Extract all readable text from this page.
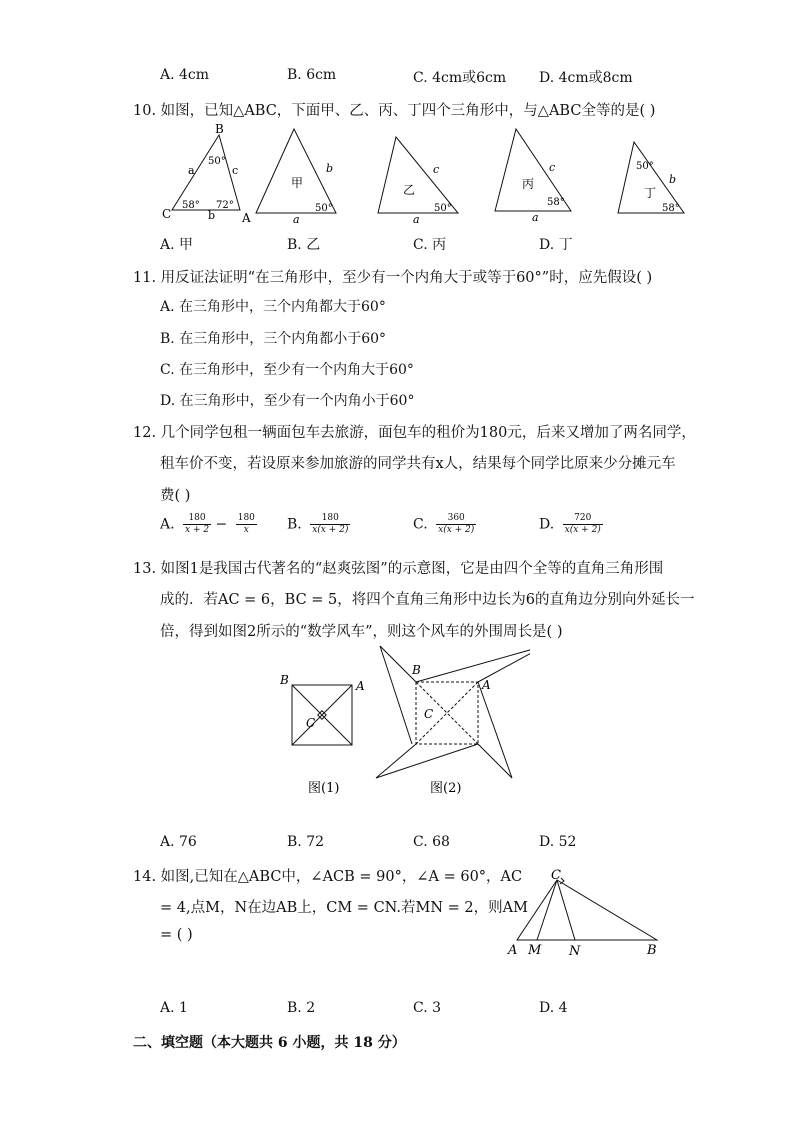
A. 4cm	B. 6cm	C. 4cm或6cm D. 4cm或8cm
10. 如图，已知△ABC，下面甲、乙、丙、丁四个三角形中，与△ABC全等的是( )
B
C	A
a	c
b
50°
58° 72°
甲
b
a
50°
乙
c
a
50°
丙
c
a
58°
丁
b
50°
58°
A. 甲	B. 乙	C. 丙	D. 丁
11. 用反证法证明“在三角形中，至少有一个内角大于或等于60°”时，应先假设( )
A. 在三角形中，三个内角都大于60°
B. 在三角形中，三个内角都小于60°
C. 在三角形中，至少有一个内角大于60°
D. 在三角形中，至少有一个内角小于60°
12. 几个同学包租一辆面包车去旅游，面包车的租价为180元，后来又增加了两名同学，
租车价不变，若设原来参加旅游的同学共有x人，结果每个同学比原来少分摊元车
费( )
A. $\frac{180}{x + 2} - \frac{180}{x} B$. $\frac{180}{x(x + 2)}$	C. $\frac{360}{x(x + 2)}$	D. $\frac{720}{x(x + 2)}$
13. 如图1是我国古代著名的“赵爽弦图”的示意图，它是由四个全等的直角三角形围
成的．若AC = 6，BC = 5，将四个直角三角形中边长为6的直角边分别向外延长一
倍，得到如图2所示的“数学风车”，则这个风车的外围周长是( )
B	A
C
图(1)
B
A
C
图(2)
A. 76	B. 72	C. 68	D. 52
14. 如图,已知在△ABC中，∠ACB = 90°，∠A = 60°，AC
= 4,点M，N在边AB上，CM = CN.若MN = 2，则AM
= ( )
C
A M N	B
A. 1	B. 2	C. 3	D. 4
二、填空题（本大题共 6 小题，共 18 分）
